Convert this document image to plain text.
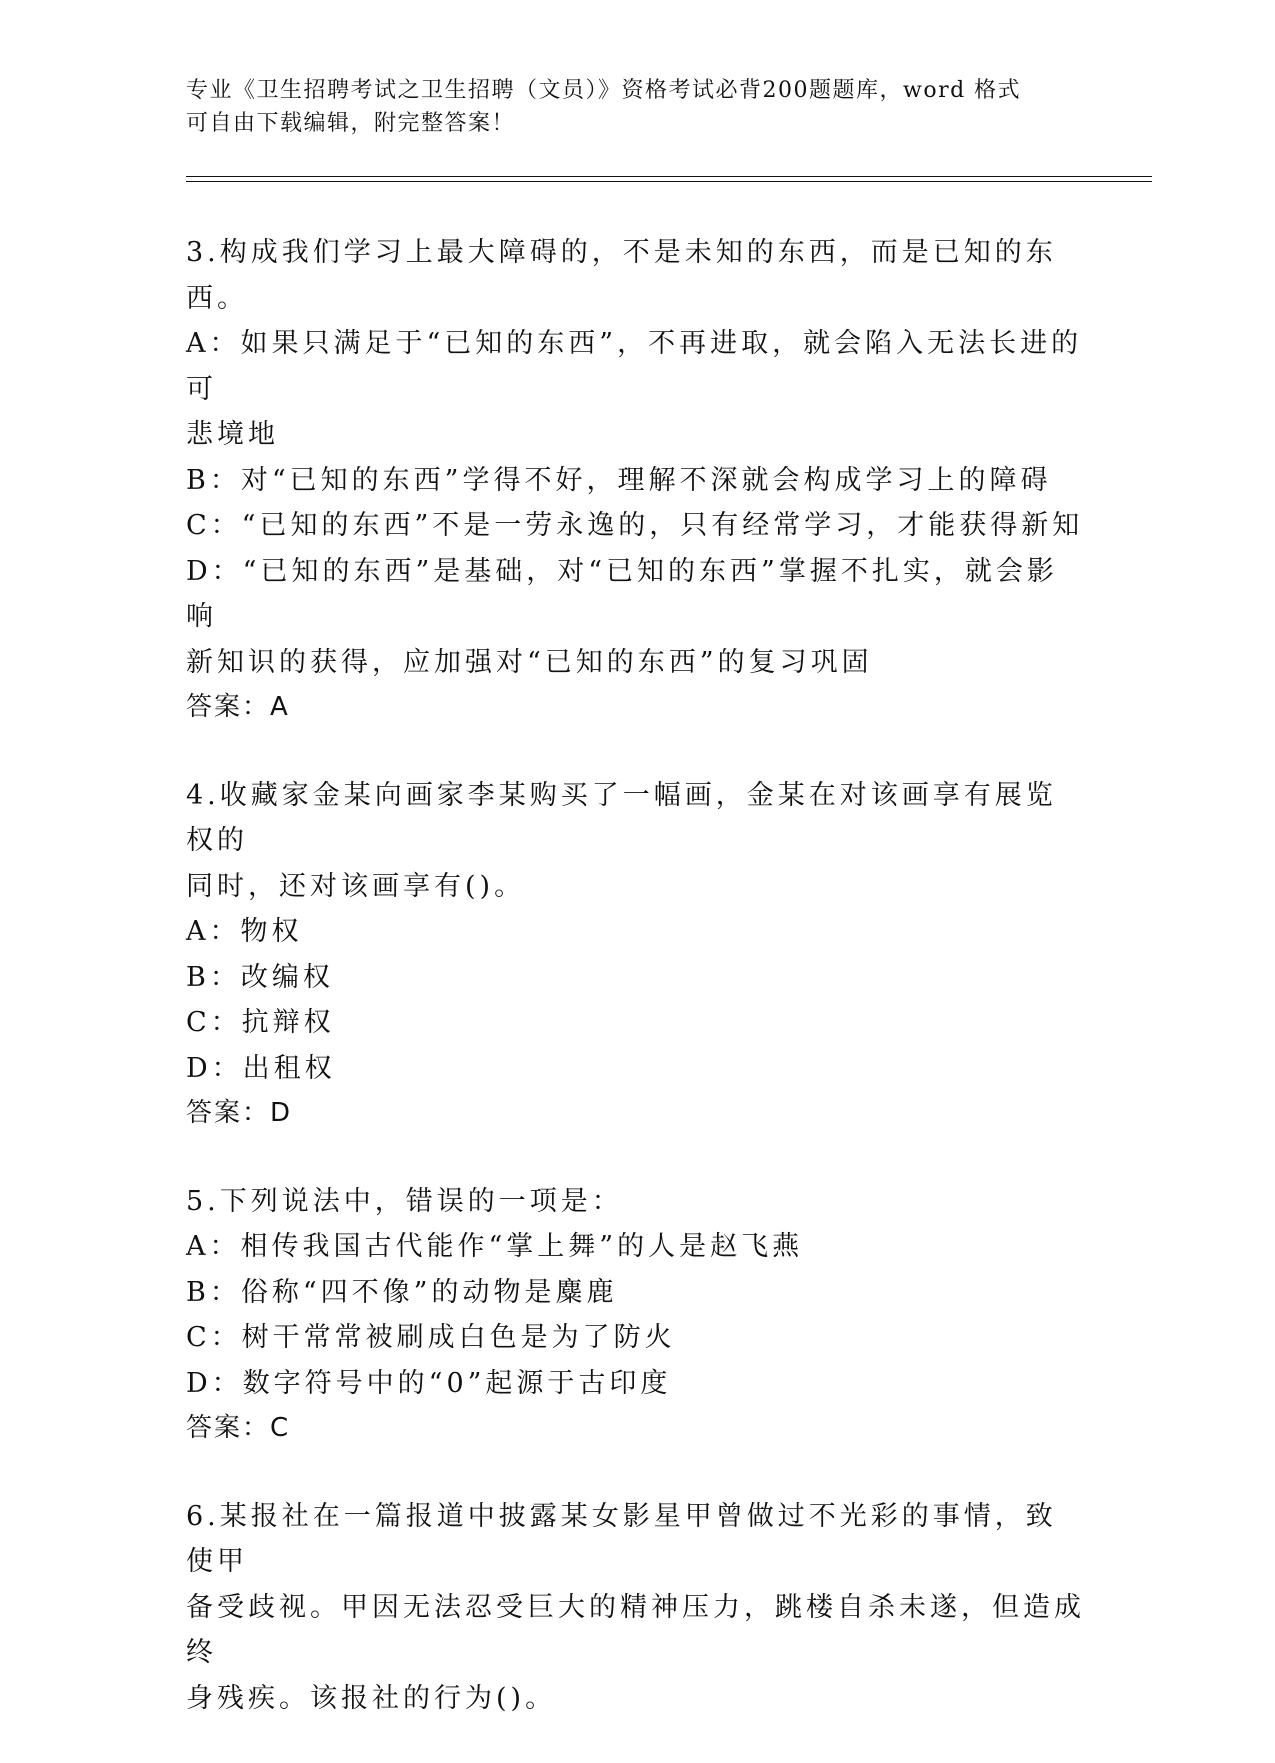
专业《卫生招聘考试之卫生招聘（文员）》资格考试必背200题题库，word 格式
可自由下载编辑，附完整答案！
3.构成我们学习上最大障碍的，不是未知的东西，而是已知的东西。
A：如果只满足于“已知的东西”，不再进取，就会陷入无法长进的可
悲境地
B：对“已知的东西”学得不好，理解不深就会构成学习上的障碍
C：“已知的东西”不是一劳永逸的，只有经常学习，才能获得新知
D：“已知的东西”是基础，对“已知的东西”掌握不扎实，就会影响
新知识的获得，应加强对“已知的东西”的复习巩固
答案：A
4.收藏家金某向画家李某购买了一幅画，金某在对该画享有展览权的
同时，还对该画享有()。
A：物权
B：改编权
C：抗辩权
D：出租权
答案：D
5.下列说法中，错误的一项是：
A：相传我国古代能作“掌上舞”的人是赵飞燕
B：俗称“四不像”的动物是麋鹿
C：树干常常被刷成白色是为了防火
D：数字符号中的“0”起源于古印度
答案：C
6.某报社在一篇报道中披露某女影星甲曾做过不光彩的事情，致使甲
备受歧视。甲因无法忍受巨大的精神压力，跳楼自杀未遂，但造成终
身残疾。该报社的行为()。
